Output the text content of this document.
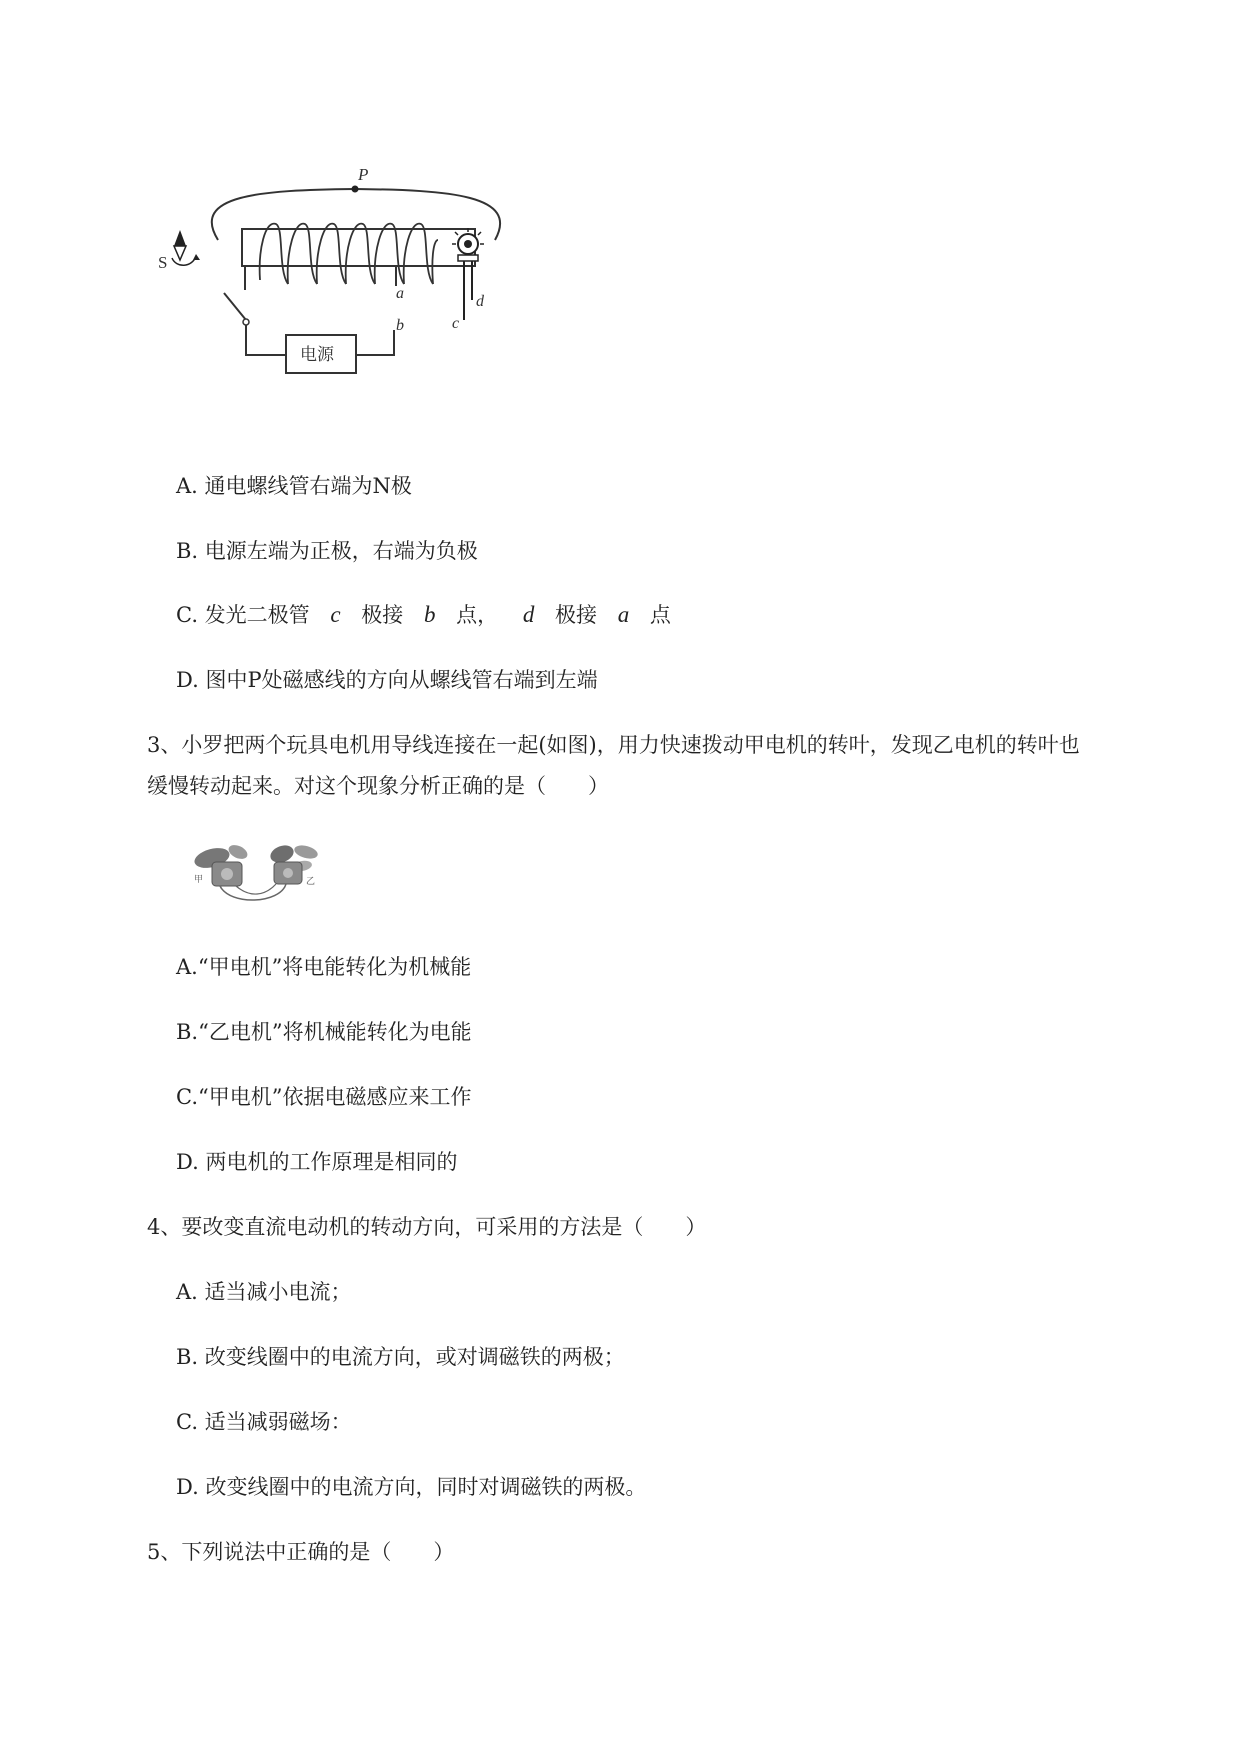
P
S
电源
a
b
d
c
A. 通电螺线管右端为N极
B. 电源左端为正极，右端为负极
C. 发光二极管 c 极接 b 点， d 极接 a 点
D. 图中P处磁感线的方向从螺线管右端到左端
3、小罗把两个玩具电机用导线连接在一起(如图)，用力快速拨动甲电机的转叶，发现乙电机的转叶也
缓慢转动起来。对这个现象分析正确的是（　　）
甲	乙
A.“甲电机”将电能转化为机械能
B.“乙电机”将机械能转化为电能
C.“甲电机”依据电磁感应来工作
D. 两电机的工作原理是相同的
4、要改变直流电动机的转动方向，可采用的方法是（　　）
A. 适当减小电流；
B. 改变线圈中的电流方向，或对调磁铁的两极；
C. 适当减弱磁场：
D. 改变线圈中的电流方向，同时对调磁铁的两极。
5、下列说法中正确的是（　　）
